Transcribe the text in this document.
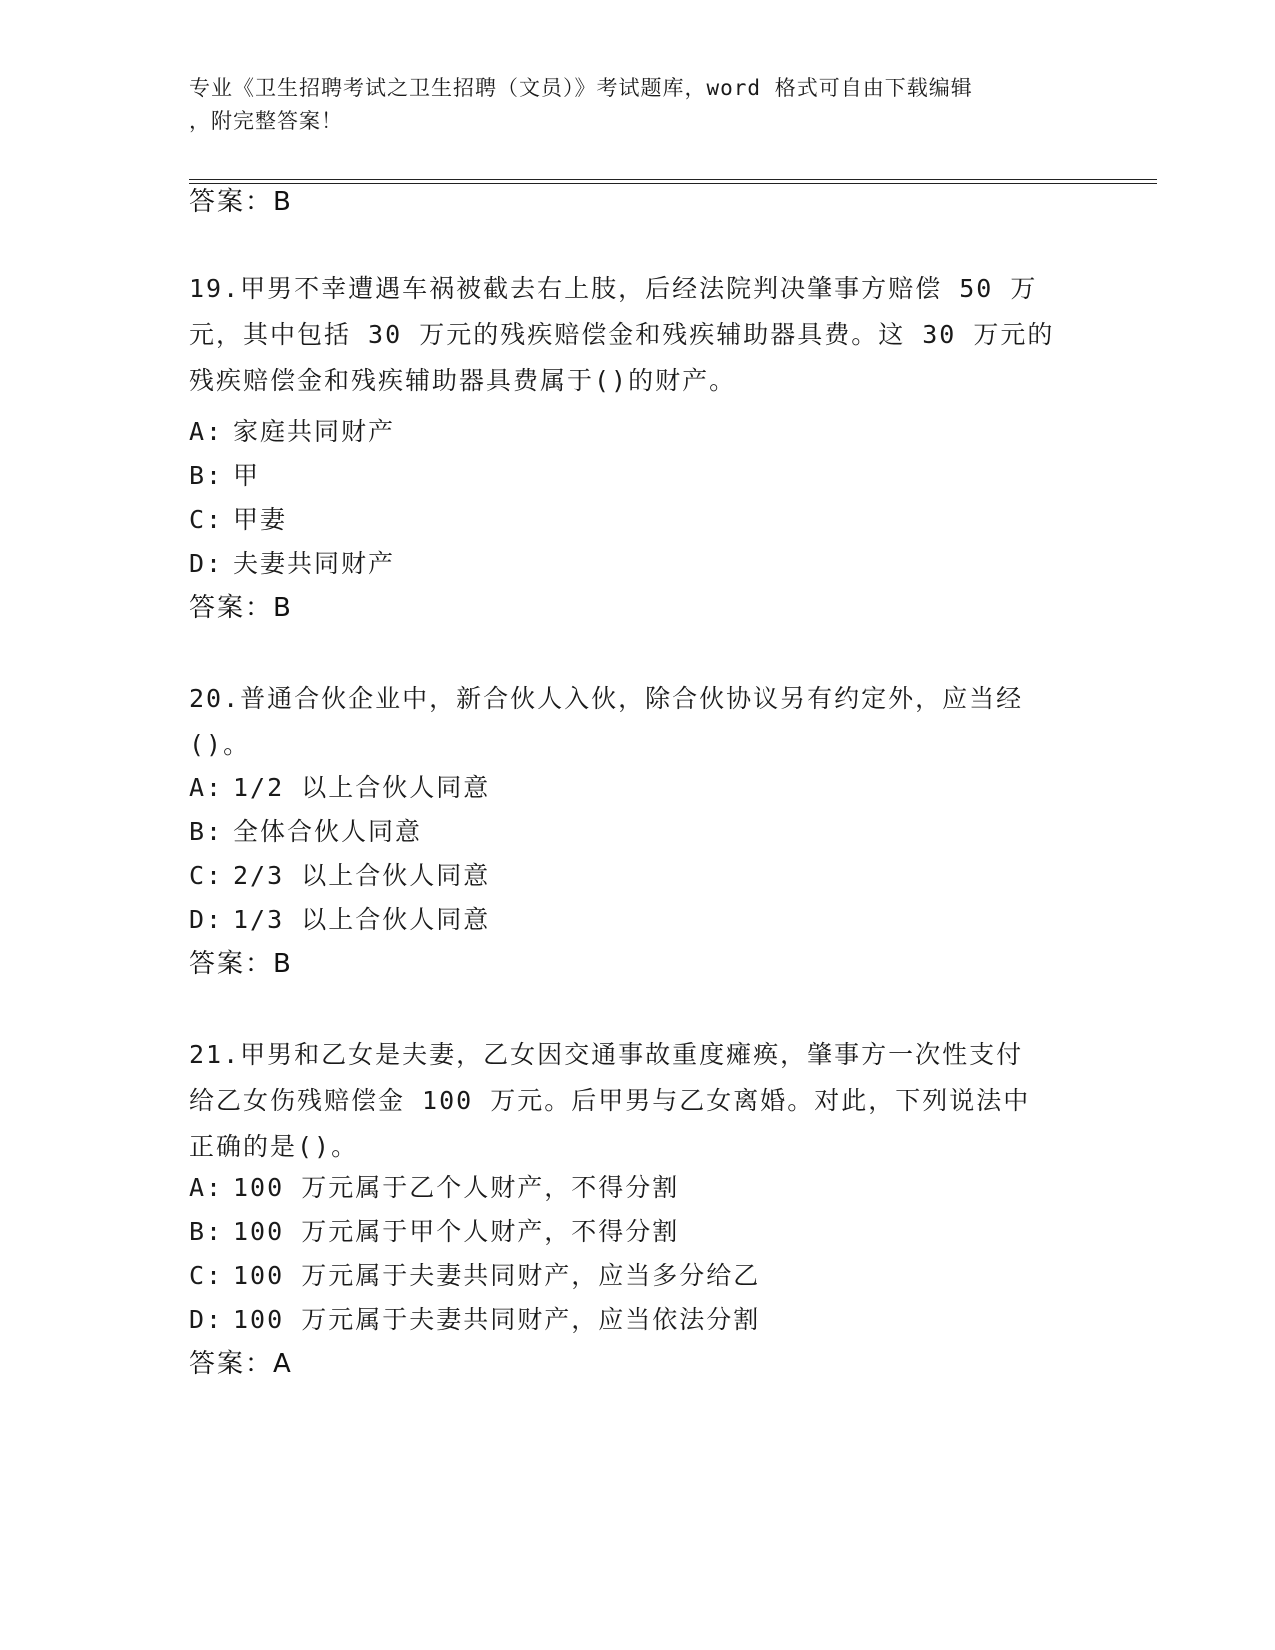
专业《卫生招聘考试之卫生招聘（文员）》考试题库，word 格式可自由下载编辑
，附完整答案！
答案：B
19.甲男不幸遭遇车祸被截去右上肢，后经法院判决肇事方赔偿 50 万
元，其中包括 30 万元的残疾赔偿金和残疾辅助器具费。这 30 万元的
残疾赔偿金和残疾辅助器具费属于()的财产。
A: 家庭共同财产
B: 甲
C: 甲妻
D: 夫妻共同财产
答案：B
20.普通合伙企业中，新合伙人入伙，除合伙协议另有约定外，应当经
()。
A: 1/2 以上合伙人同意
B: 全体合伙人同意
C: 2/3 以上合伙人同意
D: 1/3 以上合伙人同意
答案：B
21.甲男和乙女是夫妻，乙女因交通事故重度瘫痪，肇事方一次性支付
给乙女伤残赔偿金 100 万元。后甲男与乙女离婚。对此，下列说法中
正确的是()。
A: 100 万元属于乙个人财产，不得分割
B: 100 万元属于甲个人财产，不得分割
C: 100 万元属于夫妻共同财产，应当多分给乙
D: 100 万元属于夫妻共同财产，应当依法分割
答案：A
